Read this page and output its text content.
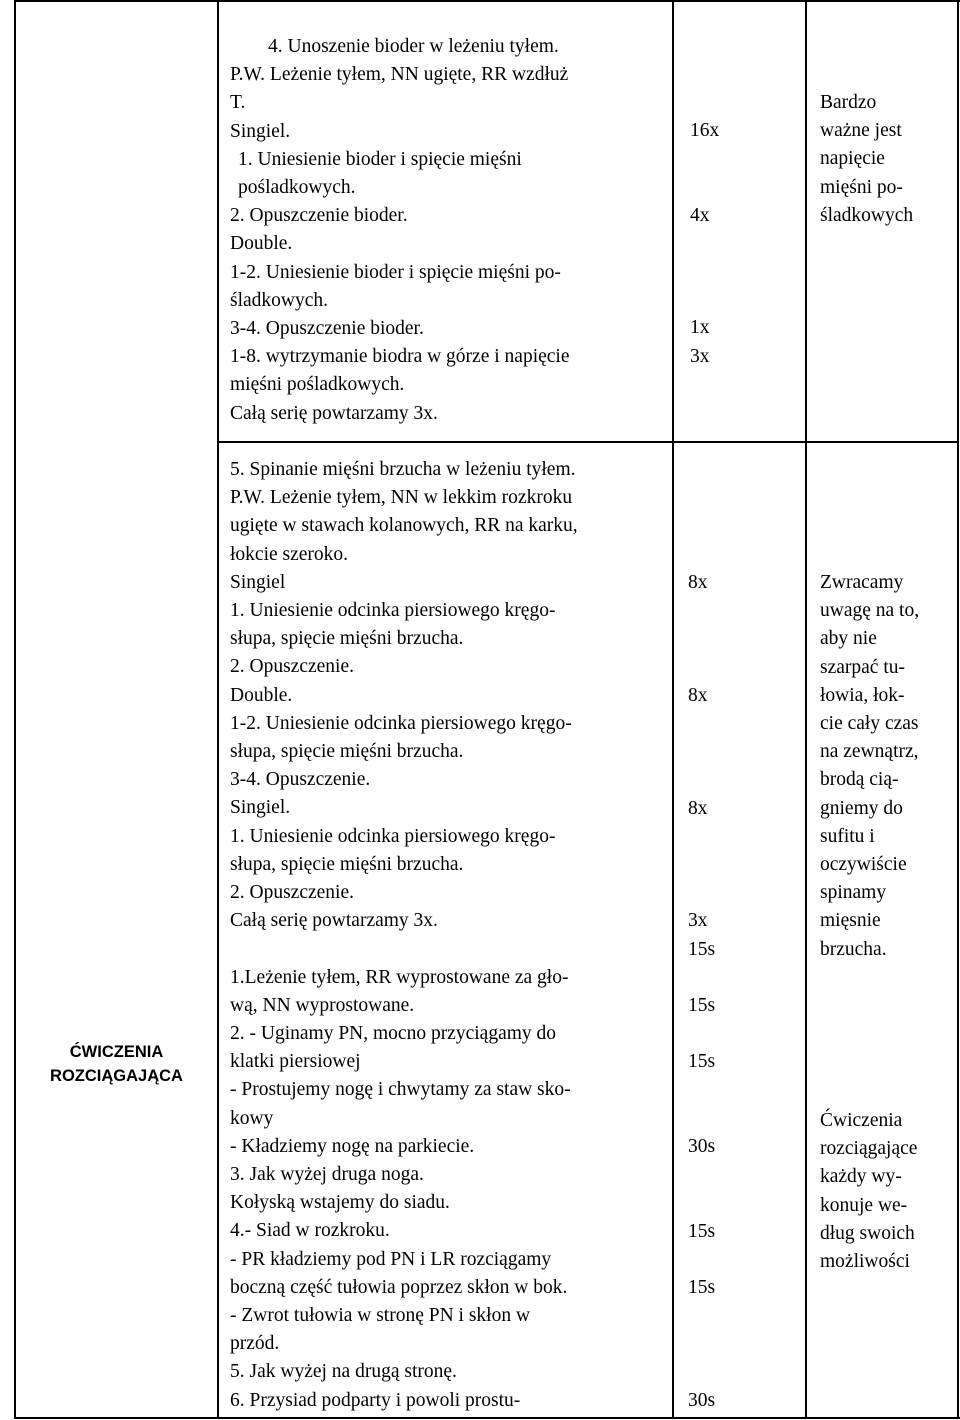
ĆWICZENIA
ROZCIĄGAJĄCA
4. Unoszenie bioder w leżeniu tyłem.
P.W. Leżenie tyłem, NN ugięte, RR wzdłuż
T.
Singiel.
1. Uniesienie bioder i spięcie mięśni
pośladkowych.
2. Opuszczenie bioder.
Double.
1-2. Uniesienie bioder i spięcie mięśni po-
śladkowych.
3-4. Opuszczenie bioder.
1-8. wytrzymanie biodra w górze i napięcie
mięśni pośladkowych.
Całą serię powtarzamy 3x.
16x
4x
1x
3x
Bardzo
ważne jest
napięcie
mięśni po-
śladkowych
5. Spinanie mięśni brzucha w leżeniu tyłem.
P.W. Leżenie tyłem, NN w lekkim rozkroku
ugięte w stawach kolanowych, RR na karku,
łokcie szeroko.
Singiel
1. Uniesienie odcinka piersiowego kręgo-
słupa, spięcie mięśni brzucha.
2. Opuszczenie.
Double.
1-2. Uniesienie odcinka piersiowego kręgo-
słupa, spięcie mięśni brzucha.
3-4. Opuszczenie.
Singiel.
1. Uniesienie odcinka piersiowego kręgo-
słupa, spięcie mięśni brzucha.
2. Opuszczenie.
Całą serię powtarzamy 3x.
1.Leżenie tyłem, RR wyprostowane za gło-
wą, NN wyprostowane.
2. - Uginamy PN, mocno przyciągamy do
klatki piersiowej
- Prostujemy nogę i chwytamy za staw sko-
kowy
- Kładziemy nogę na parkiecie.
3. Jak wyżej druga noga.
Kołyską wstajemy do siadu.
4.- Siad w rozkroku.
- PR kładziemy pod PN i LR rozciągamy
boczną część tułowia poprzez skłon w bok.
- Zwrot tułowia w stronę PN i skłon w
przód.
5. Jak wyżej na drugą stronę.
6. Przysiad podparty i powoli prostu-
8x
8x
8x
3x
15s
15s
15s
30s
15s
15s
30s
Zwracamy
uwagę na to,
aby nie
szarpać tu-
łowia, łok-
cie cały czas
na zewnątrz,
brodą cią-
gniemy do
sufitu i
oczywiście
spinamy
mięsnie
brzucha.
Ćwiczenia
rozciągające
każdy wy-
konuje we-
dług swoich
możliwości
